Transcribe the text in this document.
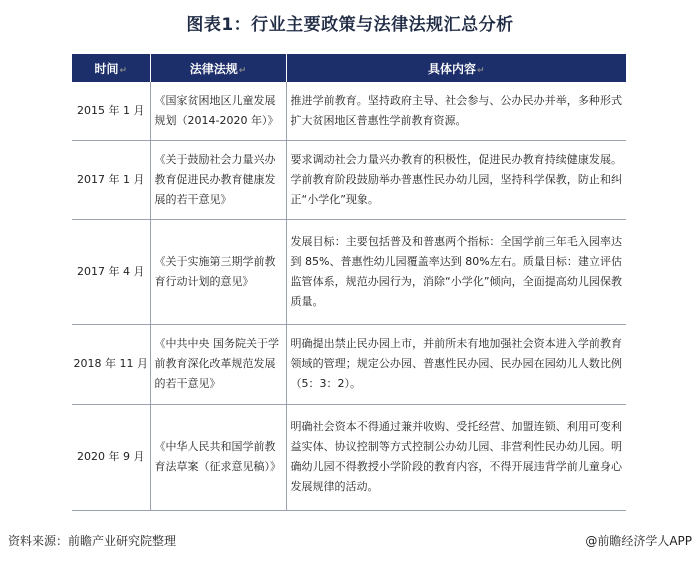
图表1：行业主要政策与法律法规汇总分析
时间↵	法律法规↵	具体内容↵
2015 年 1 月	《国家贫困地区儿童发展规划（2014-2020 年）》	推进学前教育。坚持政府主导、社会参与、公办民办并举，多种形式扩大贫困地区普惠性学前教育资源。
2017 年 1 月	《关于鼓励社会力量兴办教育促进民办教育健康发展的若干意见》	要求调动社会力量兴办教育的积极性，促进民办教育持续健康发展。学前教育阶段鼓励举办普惠性民办幼儿园，坚持科学保教，防止和纠正“小学化”现象。
2017 年 4 月	《关于实施第三期学前教育行动计划的意见》	发展目标：主要包括普及和普惠两个指标：全国学前三年毛入园率达到 85%、普惠性幼儿园覆盖率达到 80%左右。质量目标：建立评估监管体系，规范办园行为，消除“小学化”倾向，全面提高幼儿园保教质量。
2018 年 11 月	《中共中央 国务院关于学前教育深化改革规范发展的若干意见》	明确提出禁止民办园上市，并前所未有地加强社会资本进入学前教育领域的管理；规定公办园、普惠性民办园、民办园在园幼儿人数比例（5：3：2）。
2020 年 9 月	《中华人民共和国学前教育法草案（征求意见稿）》	明确社会资本不得通过兼并收购、受托经营、加盟连锁、利用可变利益实体、协议控制等方式控制公办幼儿园、非营利性民办幼儿园。明确幼儿园不得教授小学阶段的教育内容，不得开展违背学前儿童身心发展规律的活动。
资料来源：前瞻产业研究院整理	@前瞻经济学人APP
